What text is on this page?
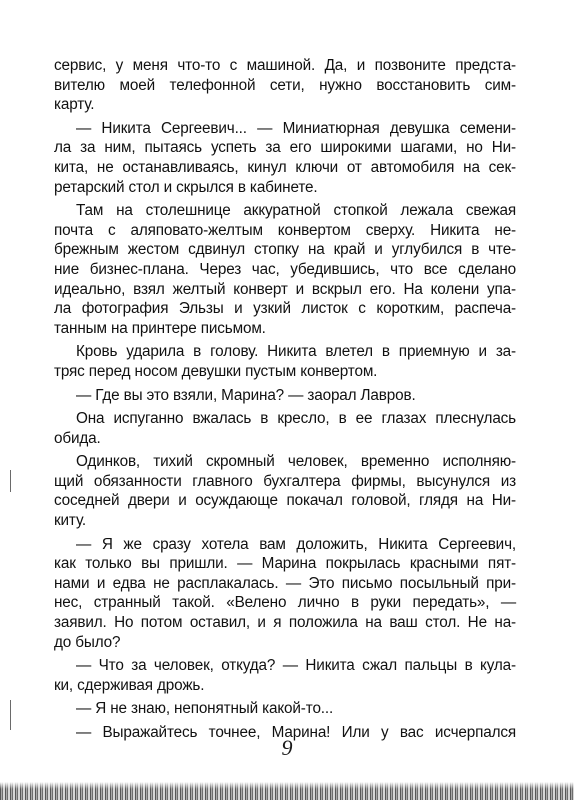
сервис, у меня что-то с машиной. Да, и позвоните предста-
вителю моей телефонной сети, нужно восстановить сим-
карту.
— Никита Сергеевич... — Миниатюрная девушка семени-
ла за ним, пытаясь успеть за его широкими шагами, но Ни-
кита, не останавливаясь, кинул ключи от автомобиля на сек-
ретарский стол и скрылся в кабинете.
Там на столешнице аккуратной стопкой лежала свежая
почта с аляповато-желтым конвертом сверху. Никита не-
брежным жестом сдвинул стопку на край и углубился в чте-
ние бизнес-плана. Через час, убедившись, что все сделано
идеально, взял желтый конверт и вскрыл его. На колени упа-
ла фотография Эльзы и узкий листок с коротким, распеча-
танным на принтере письмом.
Кровь ударила в голову. Никита влетел в приемную и за-
тряс перед носом девушки пустым конвертом.
— Где вы это взяли, Марина? — заорал Лавров.
Она испуганно вжалась в кресло, в ее глазах плеснулась
обида.
Одинков, тихий скромный человек, временно исполняю-
щий обязанности главного бухгалтера фирмы, высунулся из
соседней двери и осуждающе покачал головой, глядя на Ни-
киту.
— Я же сразу хотела вам доложить, Никита Сергеевич,
как только вы пришли. — Марина покрылась красными пят-
нами и едва не расплакалась. — Это письмо посыльный при-
нес, странный такой. «Велено лично в руки передать», —
заявил. Но потом оставил, и я положила на ваш стол. Не на-
до было?
— Что за человек, откуда? — Никита сжал пальцы в кула-
ки, сдерживая дрожь.
— Я не знаю, непонятный какой-то...
— Выражайтесь точнее, Марина! Или у вас исчерпался
9
